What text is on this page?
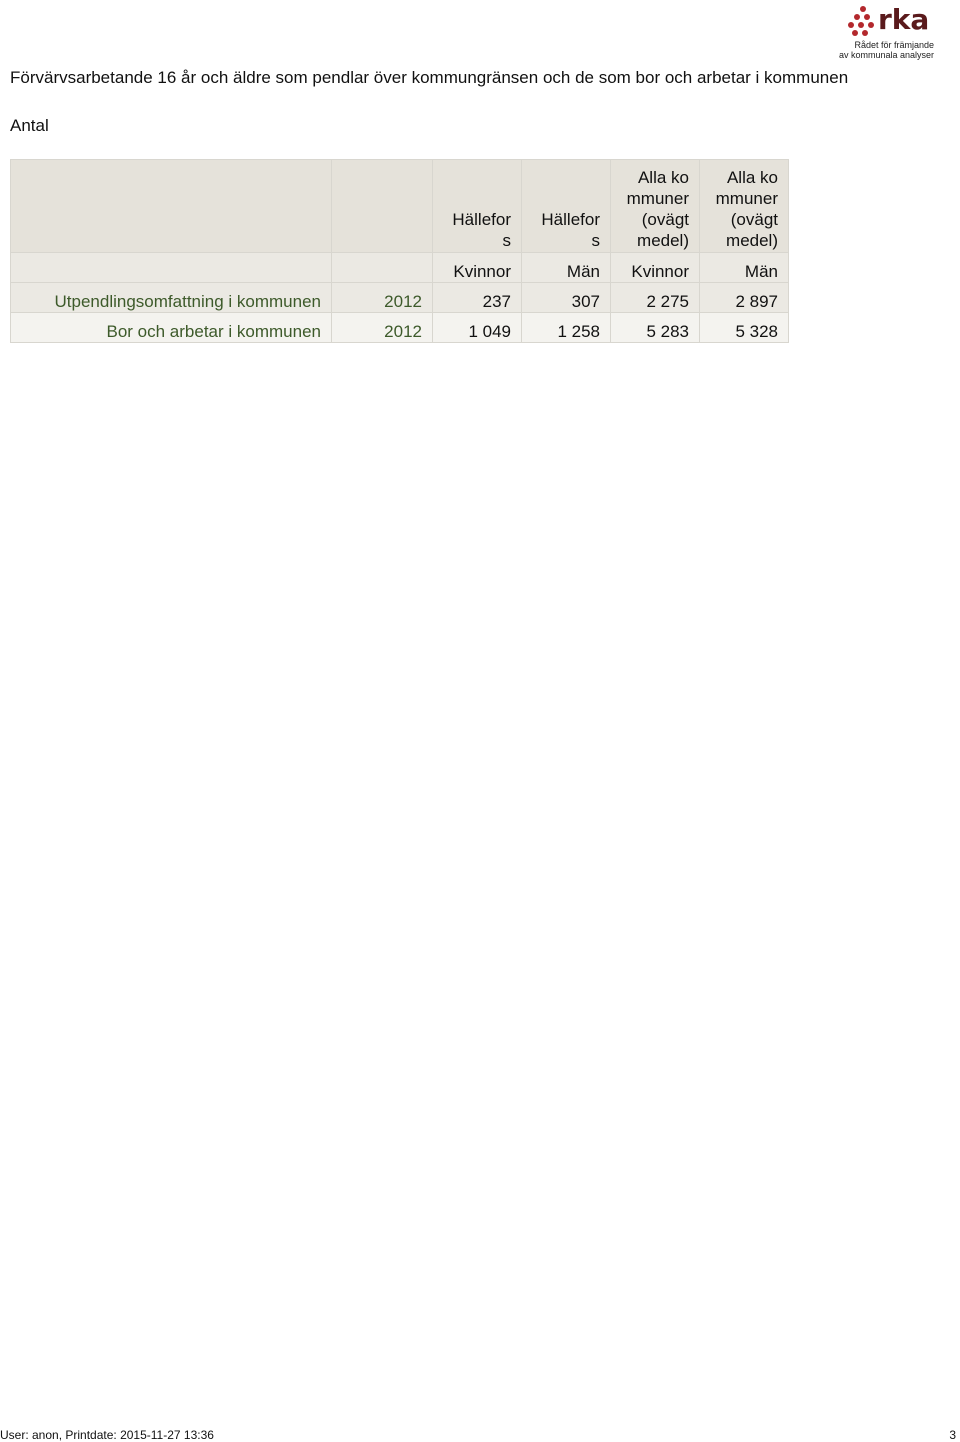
rka
Rådet för främjande
av kommunala analyser
Förvärvsarbetande 16 år och äldre som pendlar över kommungränsen och de som bor och arbetar i kommunen
Antal
		Hällefor s	Hällefor s	Alla ko mmuner (ovägt medel)	Alla ko mmuner (ovägt medel)
		Kvinnor	Män	Kvinnor	Män
Utpendlingsomfattning i kommunen	2012	237	307	2 275	2 897
Bor och arbetar i kommunen	2012	1 049	1 258	5 283	5 328
User: anon, Printdate: 2015-11-27 13:36	3
